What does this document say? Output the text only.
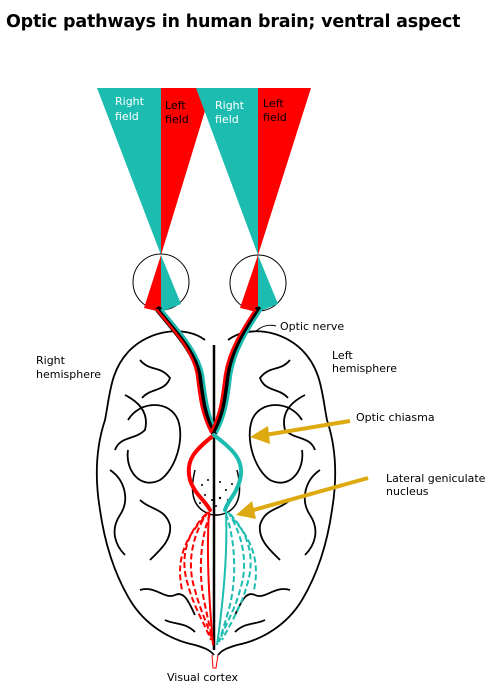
Optic pathways in human brain; ventral aspect
Right
field
Left
field
Right
field
Left
field
Optic nerve
Right
hemisphere
Left
hemisphere
Optic chiasma
Lateral geniculate
nucleus
Visual cortex
